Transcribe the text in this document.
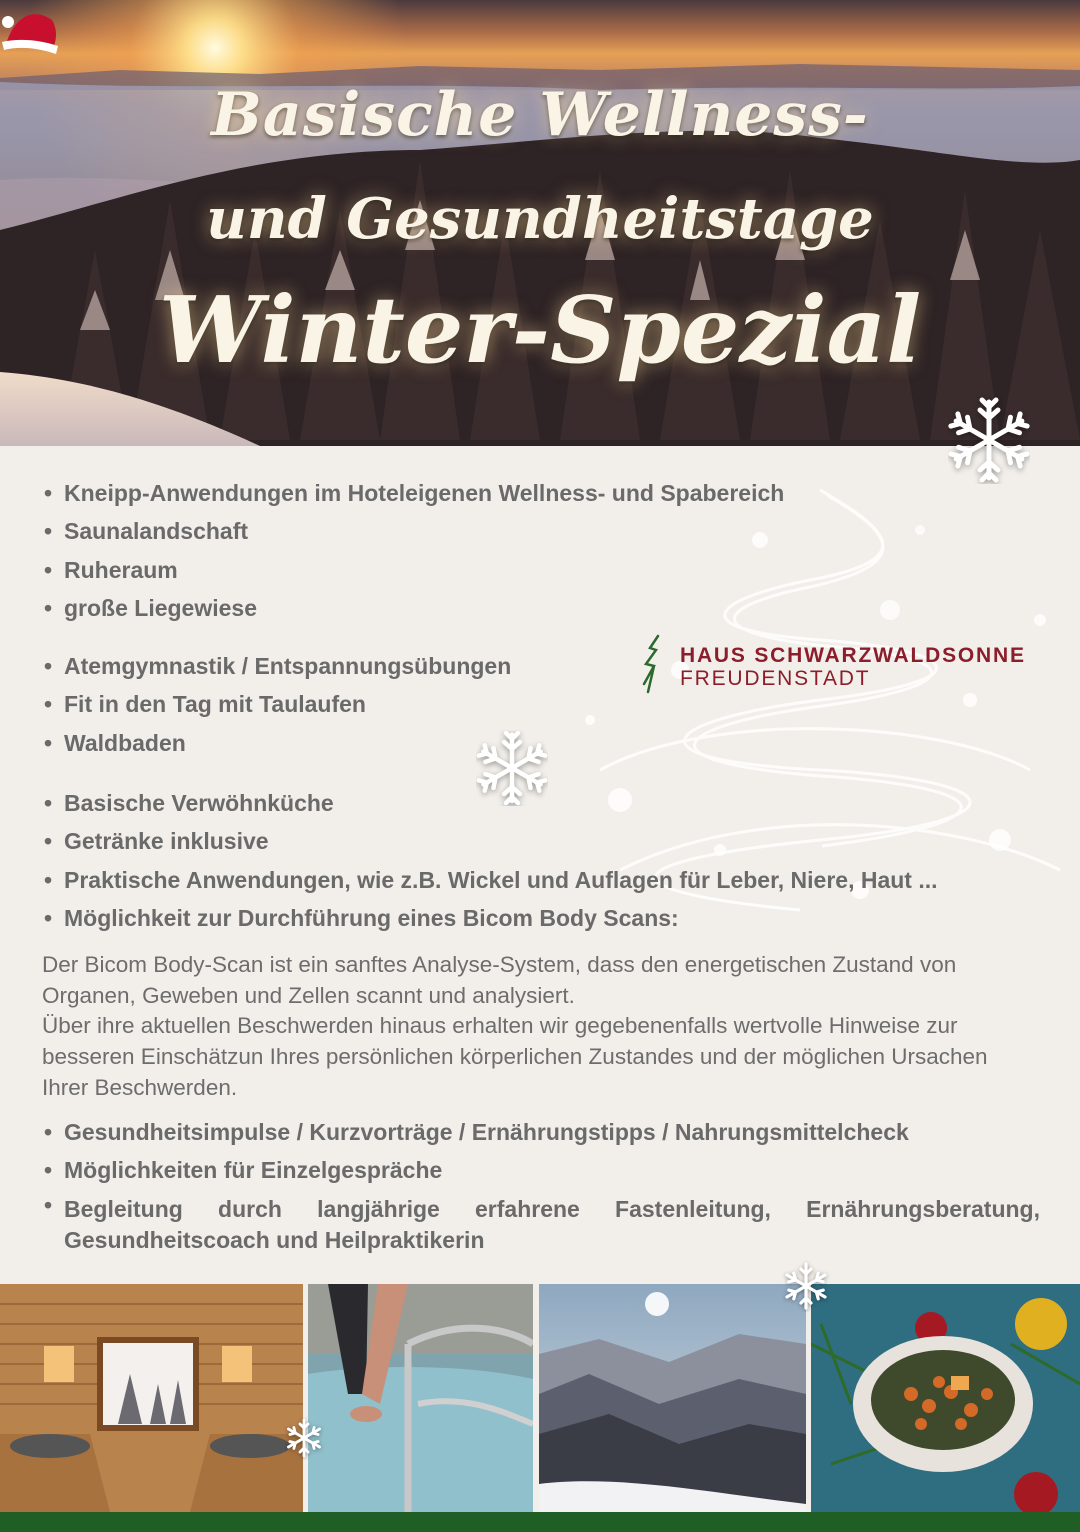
Basische Wellness-
und Gesundheitstage
Winter-Spezial
HAUS SCHWARZWALDSONNE
FREUDENSTADT
• Kneipp-Anwendungen im Hoteleigenen Wellness- und Spabereich
• Saunalandschaft
• Ruheraum
• große Liegewiese
• Atemgymnastik / Entspannungsübungen
• Fit in den Tag mit Taulaufen
• Waldbaden
• Basische Verwöhnküche
• Getränke inklusive
• Praktische Anwendungen, wie z.B. Wickel und Auflagen für Leber, Niere, Haut ...
• Möglichkeit zur Durchführung eines Bicom Body Scans:

Der Bicom Body-Scan ist ein sanftes Analyse-System, dass den energetischen Zustand von Organen, Geweben und Zellen scannt und analysiert.

Über ihre aktuellen Beschwerden hinaus erhalten wir gegebenenfalls wertvolle Hinweise zur besseren Einschätzun Ihres persönlichen körperlichen Zustandes und der möglichen Ursachen Ihrer Beschwerden.

• Gesundheitsimpulse / Kurzvorträge / Ernährungstipps / Nahrungsmittelcheck
• Möglichkeiten für Einzelgespräche
• Begleitung durch langjährige erfahrene Fastenleitung, Ernährungsberatung, Gesundheitscoach und Heilpraktikerin
